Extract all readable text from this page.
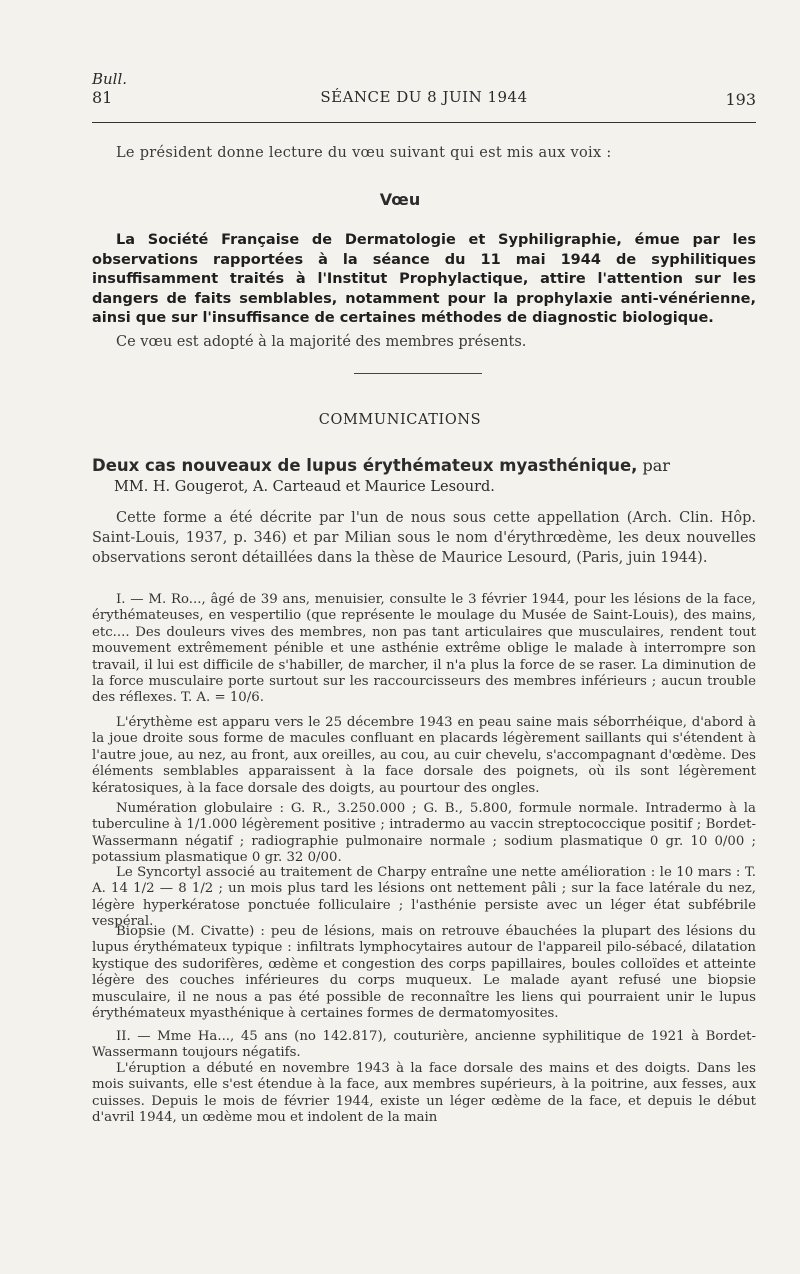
Bull.
81	SÉANCE DU 8 JUIN 1944	193
Le président donne lecture du vœu suivant qui est mis aux voix :
Vœu
La Société Française de Dermatologie et Syphiligraphie, émue par les observations rapportées à la séance du 11 mai 1944 de syphilitiques insuffisamment traités à l'Institut Prophylactique, attire l'attention sur les dangers de faits semblables, notamment pour la prophylaxie anti-vénérienne, ainsi que sur l'insuffisance de certaines méthodes de diagnostic biologique.
Ce vœu est adopté à la majorité des membres présents.
COMMUNICATIONS
Deux cas nouveaux de lupus érythémateux myasthénique, par
MM. H. Gougerot, A. Carteaud et Maurice Lesourd.
Cette forme a été décrite par l'un de nous sous cette appellation (Arch. Clin. Hôp. Saint-Louis, 1937, p. 346) et par Milian sous le nom d'érythrœdème, les deux nouvelles observations seront détaillées dans la thèse de Maurice Lesourd, (Paris, juin 1944).
I. — M. Ro..., âgé de 39 ans, menuisier, consulte le 3 février 1944, pour les lésions de la face, érythémateuses, en vespertilio (que représente le moulage du Musée de Saint-Louis), des mains, etc.... Des douleurs vives des membres, non pas tant articulaires que musculaires, rendent tout mouvement extrêmement pénible et une asthénie extrême oblige le malade à interrompre son travail, il lui est difficile de s'habiller, de marcher, il n'a plus la force de se raser. La diminution de la force musculaire porte surtout sur les raccourcisseurs des membres inférieurs ; aucun trouble des réflexes. T. A. = 10/6.
L'érythème est apparu vers le 25 décembre 1943 en peau saine mais séborrhéique, d'abord à la joue droite sous forme de macules confluant en placards légèrement saillants qui s'étendent à l'autre joue, au nez, au front, aux oreilles, au cou, au cuir chevelu, s'accompagnant d'œdème. Des éléments semblables apparaissent à la face dorsale des poignets, où ils sont légèrement kératosiques, à la face dorsale des doigts, au pourtour des ongles.
Numération globulaire : G. R., 3.250.000 ; G. B., 5.800, formule normale. Intradermo à la tuberculine à 1/1.000 légèrement positive ; intradermo au vaccin streptococcique positif ; Bordet-Wassermann négatif ; radiographie pulmonaire normale ; sodium plasmatique 0 gr. 10 0/00 ; potassium plasmatique 0 gr. 32 0/00.
Le Syncortyl associé au traitement de Charpy entraîne une nette amélioration : le 10 mars : T. A. 14 1/2 — 8 1/2 ; un mois plus tard les lésions ont nettement pâli ; sur la face latérale du nez, légère hyperkératose ponctuée folliculaire ; l'asthénie persiste avec un léger état subfébrile vespéral.
Biopsie (M. Civatte) : peu de lésions, mais on retrouve ébauchées la plupart des lésions du lupus érythémateux typique : infiltrats lymphocytaires autour de l'appareil pilo-sébacé, dilatation kystique des sudorifères, œdème et congestion des corps papillaires, boules colloïdes et atteinte légère des couches inférieures du corps muqueux. Le malade ayant refusé une biopsie musculaire, il ne nous a pas été possible de reconnaître les liens qui pourraient unir le lupus érythémateux myasthénique à certaines formes de dermatomyosites.
II. — Mme Ha..., 45 ans (no 142.817), couturière, ancienne syphilitique de 1921 à Bordet-Wassermann toujours négatifs.
L'éruption a débuté en novembre 1943 à la face dorsale des mains et des doigts. Dans les mois suivants, elle s'est étendue à la face, aux membres supérieurs, à la poitrine, aux fesses, aux cuisses. Depuis le mois de février 1944, existe un léger œdème de la face, et depuis le début d'avril 1944, un œdème mou et indolent de la main
